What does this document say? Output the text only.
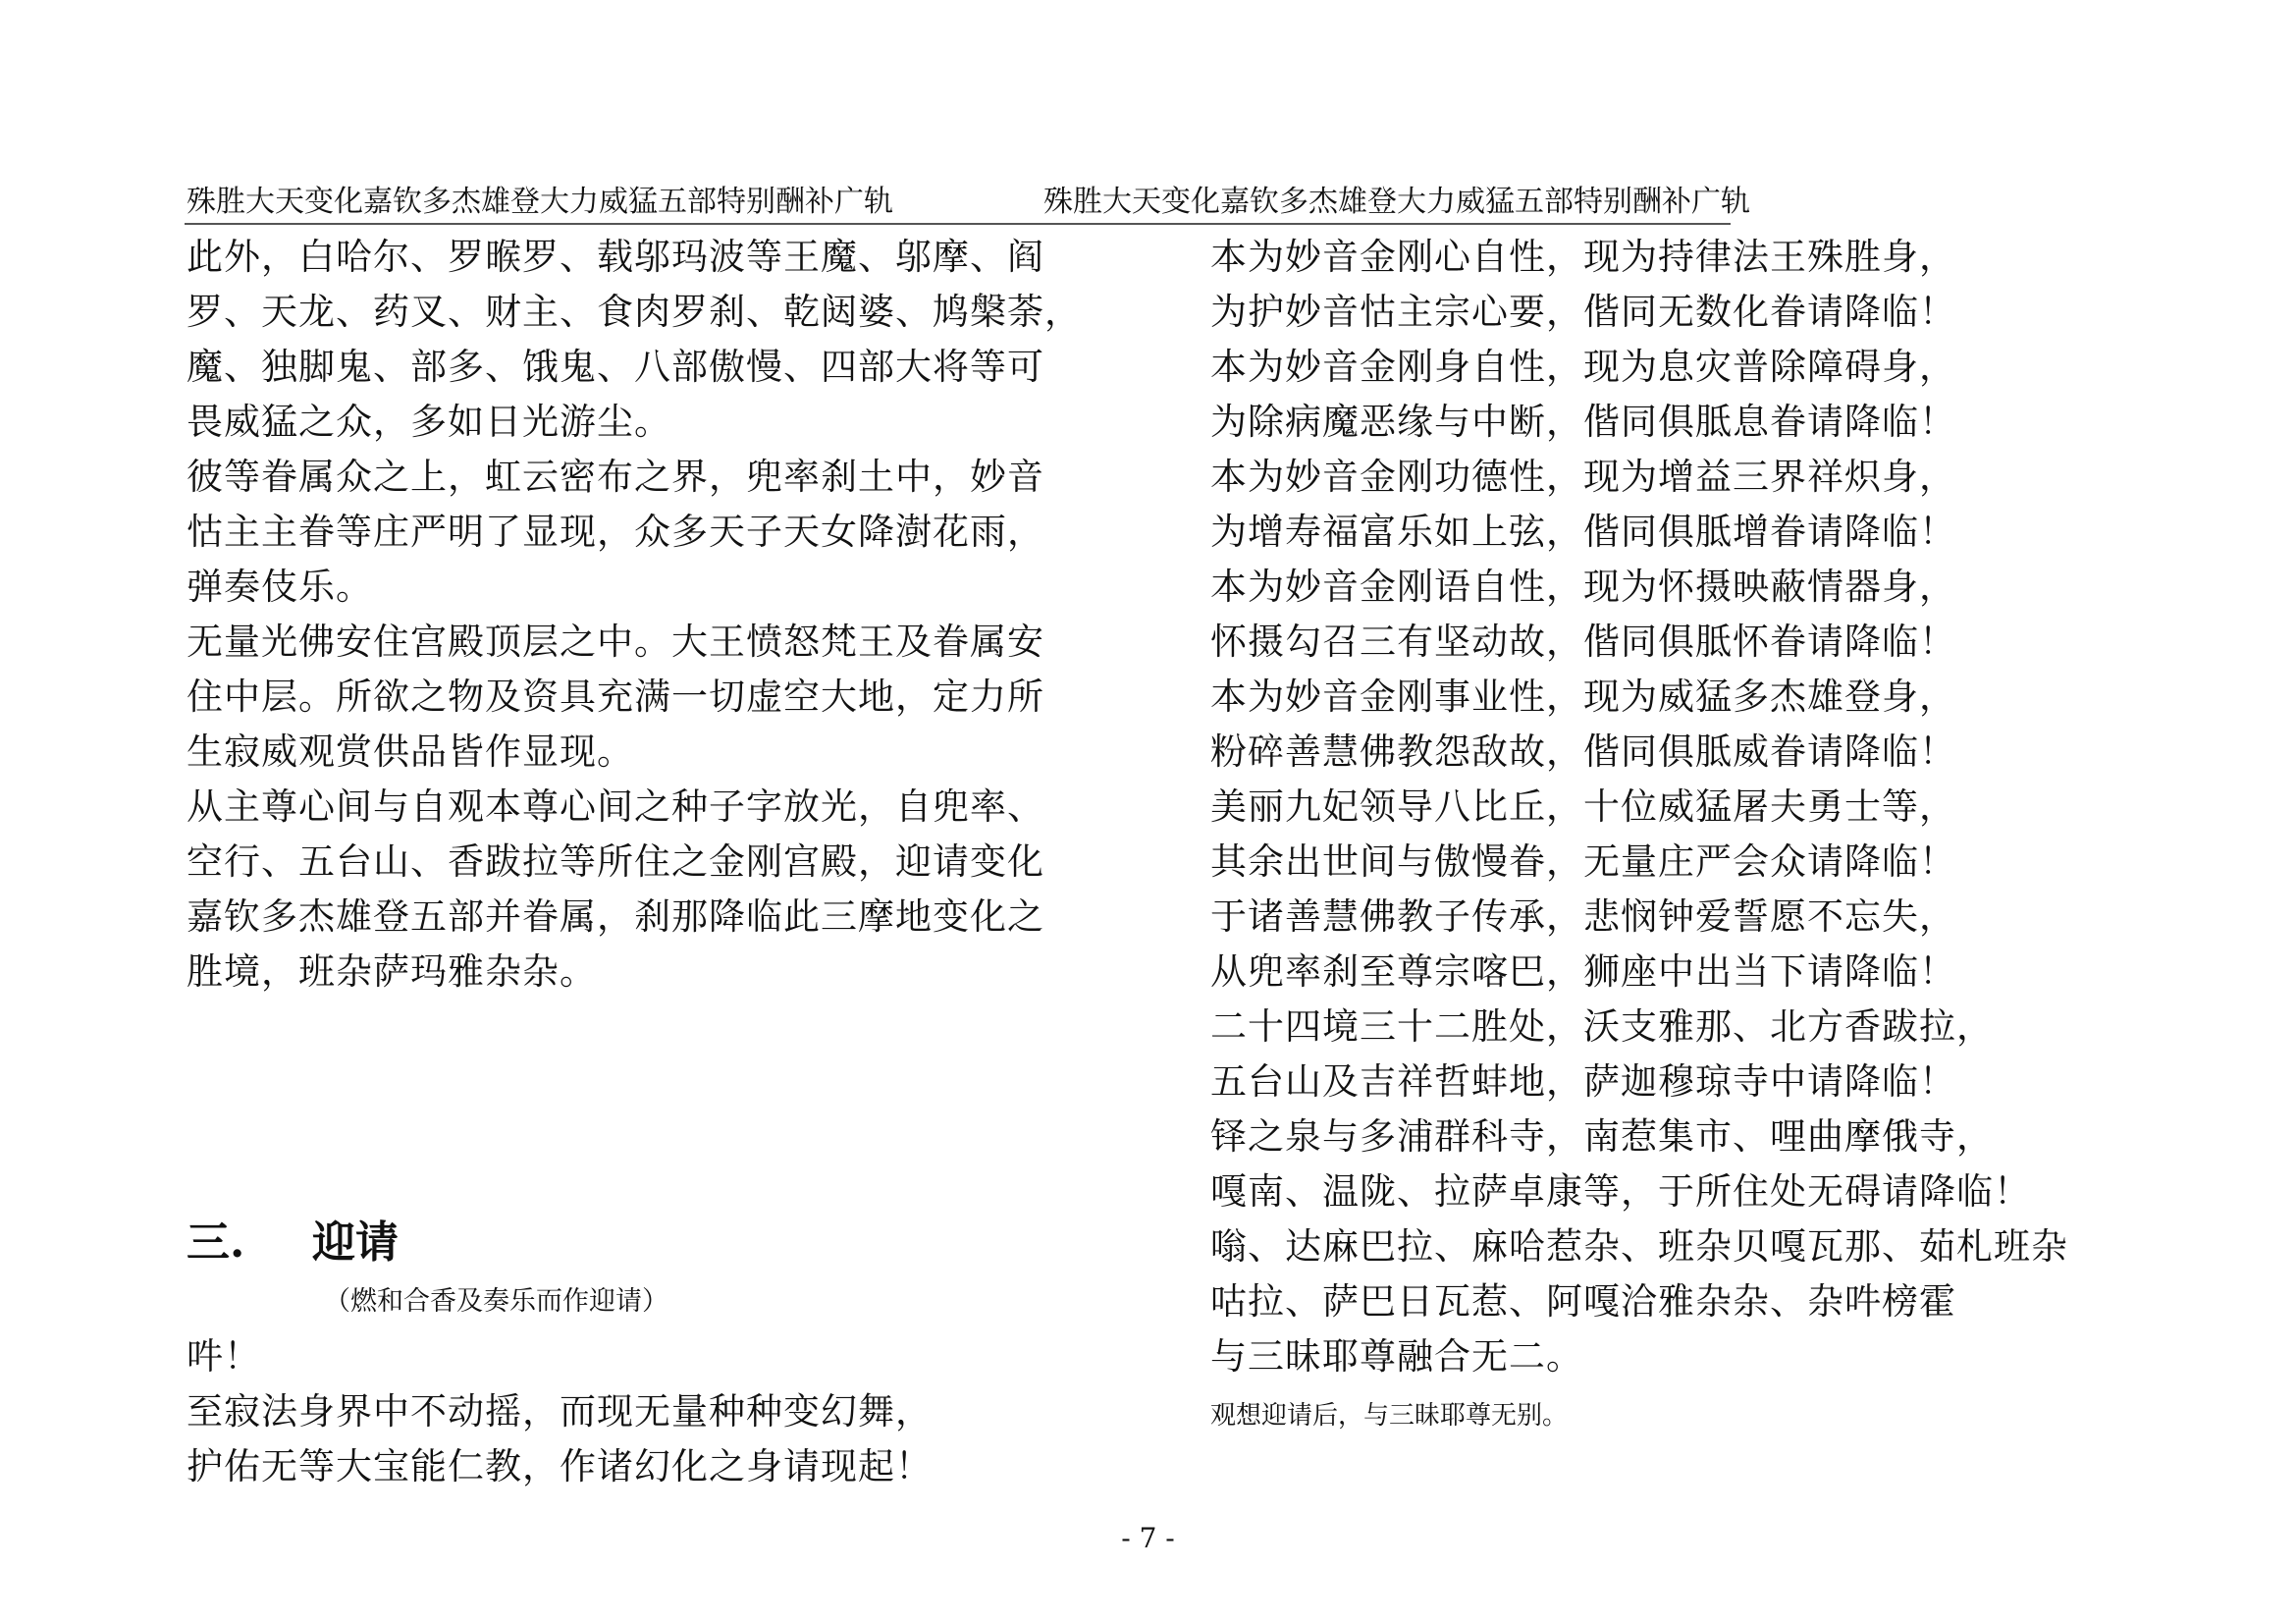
殊胜大天变化嘉钦多杰雄登大力威猛五部特别酬补广轨	殊胜大天变化嘉钦多杰雄登大力威猛五部特别酬补广轨
此外，白哈尔、罗㬋罗、载邬玛波等王魔、邬摩、阎
罗、天龙、药叉、财主、食肉罗刹、乾闼婆、鸠槃荼，
魔、独脚鬼、部多、饿鬼、八部傲慢、四部大将等可
畏威猛之众，多如日光游尘。
彼等眷属众之上，虹云密布之界，兜率刹土中，妙音
怙主主眷等庄严明了显现，众多天子天女降澍花雨，
弹奏伎乐。
无量光佛安住宫殿顶层之中。大王愤怒梵王及眷属安
住中层。所欲之物及资具充满一切虚空大地，定力所
生寂威观赏供品皆作显现。
从主尊心间与自观本尊心间之种子字放光，自兜率、
空行、五台山、香跋拉等所住之金刚宫殿，迎请变化
嘉钦多杰雄登五部并眷属，刹那降临此三摩地变化之
胜境，班杂萨玛雅杂杂。
三. 迎请
（燃和合香及奏乐而作迎请）
吽！
至寂法身界中不动摇，而现无量种种变幻舞，
护佑无等大宝能仁教，作诸幻化之身请现起！
本为妙音金刚心自性，现为持律法王殊胜身，
为护妙音怙主宗心要，偕同无数化眷请降临！
本为妙音金刚身自性，现为息灾普除障碍身，
为除病魔恶缘与中断，偕同俱胝息眷请降临！
本为妙音金刚功德性，现为增益三界祥炽身，
为增寿福富乐如上弦，偕同俱胝增眷请降临！
本为妙音金刚语自性，现为怀摄映蔽情器身，
怀摄勾召三有坚动故，偕同俱胝怀眷请降临！
本为妙音金刚事业性，现为威猛多杰雄登身，
粉碎善慧佛教怨敌故，偕同俱胝威眷请降临！
美丽九妃领导八比丘，十位威猛屠夫勇士等，
其余出世间与傲慢眷，无量庄严会众请降临！
于诸善慧佛教子传承，悲悯钟爱誓愿不忘失，
从兜率刹至尊宗喀巴，狮座中出当下请降临！
二十四境三十二胜处，沃支雅那、北方香跋拉，
五台山及吉祥哲蚌地，萨迦穆琼寺中请降临！
铎之泉与多浦群科寺，南惹集市、哩曲摩俄寺，
嘎南、温陇、拉萨卓康等，于所住处无碍请降临！
嗡、达麻巴拉、麻哈惹杂、班杂贝嘎瓦那、茹札班杂
咕拉、萨巴日瓦惹、阿嘎洽雅杂杂、杂吽榜霍
与三昧耶尊融合无二。
观想迎请后，与三昧耶尊无别。
- 7 -
